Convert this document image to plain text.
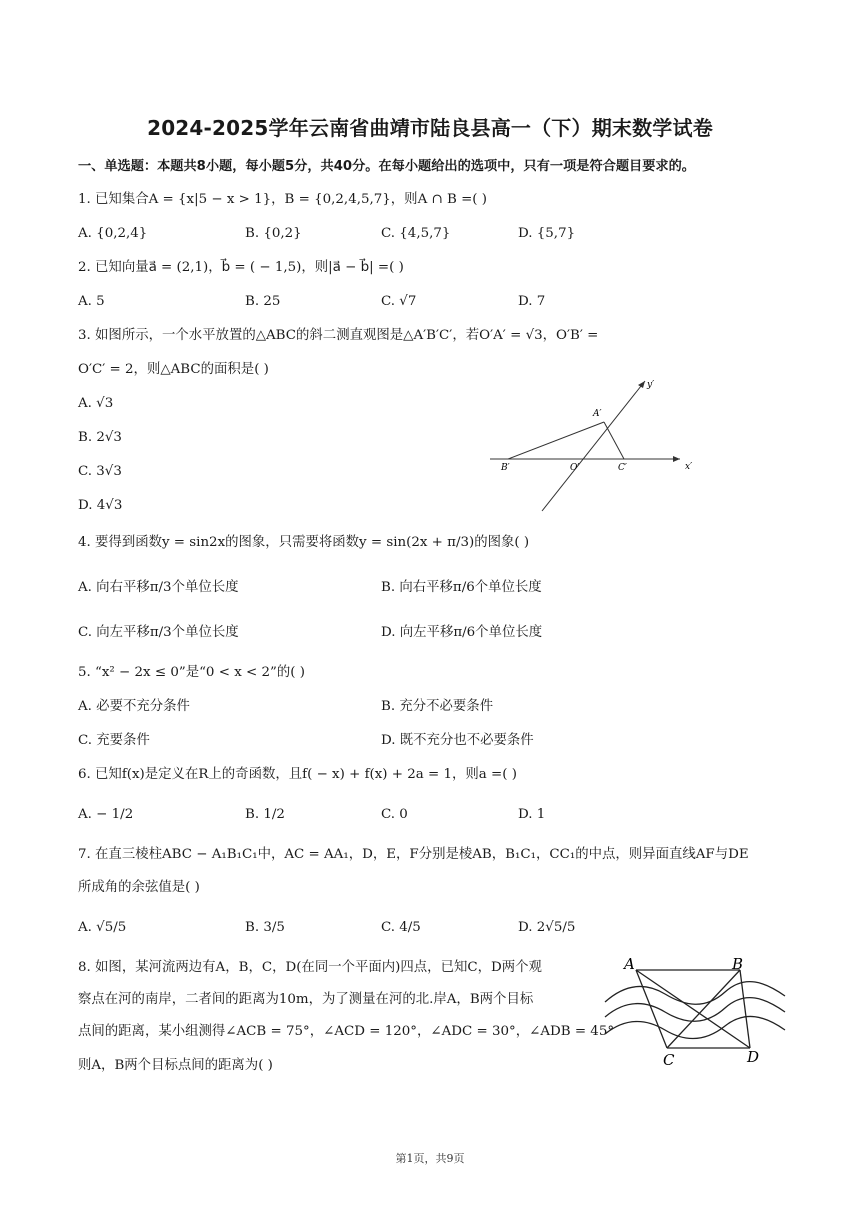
2024-2025学年云南省曲靖市陆良县高一（下）期末数学试卷
一、单选题：本题共8小题，每小题5分，共40分。在每小题给出的选项中，只有一项是符合题目要求的。
1. 已知集合A = {x|5 − x > 1}，B = {0,2,4,5,7}，则A ∩ B =( )
A. {0,2,4}	B. {0,2}	C. {4,5,7}	D. {5,7}
2. 已知向量a⃗ = (2,1)，b⃗ = ( − 1,5)，则|a⃗ − b⃗| =( )
A. 5	B. 25	C. √7	D. 7
3. 如图所示，一个水平放置的△ABC的斜二测直观图是△A′B′C′，若O′A′ = √3，O′B′ =
O′C′ = 2，则△ABC的面积是( )
A. √3
B. 2√3
C. 3√3
D. 4√3
y′
A′
B′	O′	C′	x′
4. 要得到函数y = sin2x的图象，只需要将函数y = sin(2x + π/3)的图象( )
A. 向右平移π/3个单位长度	B. 向右平移π/6个单位长度
C. 向左平移π/3个单位长度	D. 向左平移π/6个单位长度
5. “x² − 2x ≤ 0”是“0 < x < 2”的( )
A. 必要不充分条件	B. 充分不必要条件
C. 充要条件	D. 既不充分也不必要条件
6. 已知f(x)是定义在R上的奇函数，且f( − x) + f(x) + 2a = 1，则a =( )
A. − 1/2	B. 1/2	C. 0	D. 1
7. 在直三棱柱ABC − A₁B₁C₁中，AC = AA₁，D，E，F分别是棱AB，B₁C₁，CC₁的中点，则异面直线AF与DE
所成角的余弦值是( )
A. √5/5	B. 3/5	C. 4/5	D. 2√5/5
8. 如图，某河流两边有A，B，C，D(在同一个平面内)四点，已知C，D两个观
察点在河的南岸，二者间的距离为10m，为了测量在河的北.岸A，B两个目标
点间的距离，某小组测得∠ACB = 75°，∠ACD = 120°，∠ADC = 30°，∠ADB = 45°
则A，B两个目标点间的距离为( )
A	B
C	D
第1页，共9页
